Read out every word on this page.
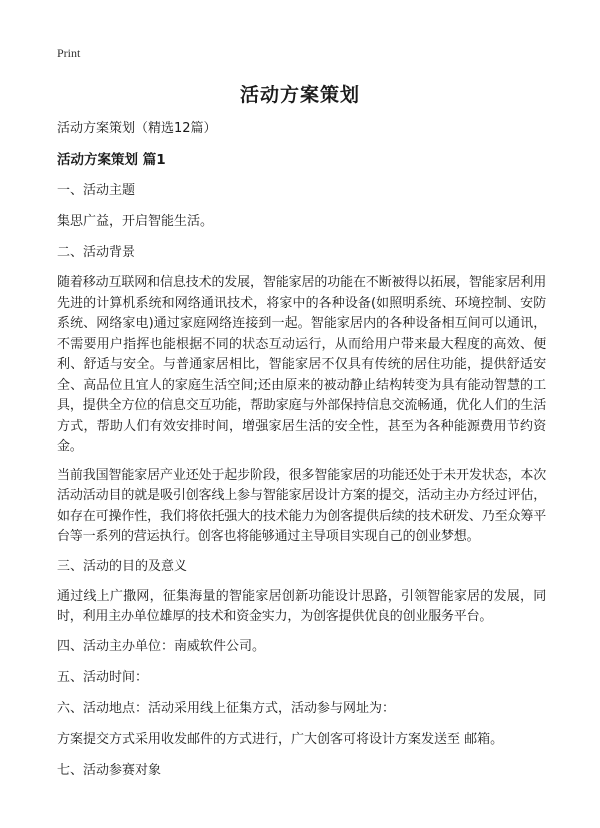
Print

活动方案策划

活动方案策划（精选12篇）

活动方案策划 篇1

一、活动主题

集思广益，开启智能生活。

二、活动背景

随着移动互联网和信息技术的发展，智能家居的功能在不断被得以拓展，智能家居利用先进的计算机系统和网络通讯技术，将家中的各种设备(如照明系统、环境控制、安防系统、网络家电)通过家庭网络连接到一起。智能家居内的各种设备相互间可以通讯，不需要用户指挥也能根据不同的状态互动运行，从而给用户带来最大程度的高效、便利、舒适与安全。与普通家居相比，智能家居不仅具有传统的居住功能，提供舒适安全、高品位且宜人的家庭生活空间;还由原来的被动静止结构转变为具有能动智慧的工具，提供全方位的信息交互功能，帮助家庭与外部保持信息交流畅通，优化人们的生活方式，帮助人们有效安排时间，增强家居生活的安全性，甚至为各种能源费用节约资金。

当前我国智能家居产业还处于起步阶段，很多智能家居的功能还处于未开发状态，本次活动活动目的就是吸引创客线上参与智能家居设计方案的提交，活动主办方经过评估，如存在可操作性，我们将依托强大的技术能力为创客提供后续的技术研发、乃至众筹平台等一系列的营运执行。创客也将能够通过主导项目实现自己的创业梦想。

三、活动的目的及意义

通过线上广撒网，征集海量的智能家居创新功能设计思路，引领智能家居的发展，同时，利用主办单位雄厚的技术和资金实力，为创客提供优良的创业服务平台。

四、活动主办单位：南威软件公司。

五、活动时间：

六、活动地点：活动采用线上征集方式，活动参与网址为：

方案提交方式采用收发邮件的方式进行，广大创客可将设计方案发送至 邮箱。

七、活动参赛对象
